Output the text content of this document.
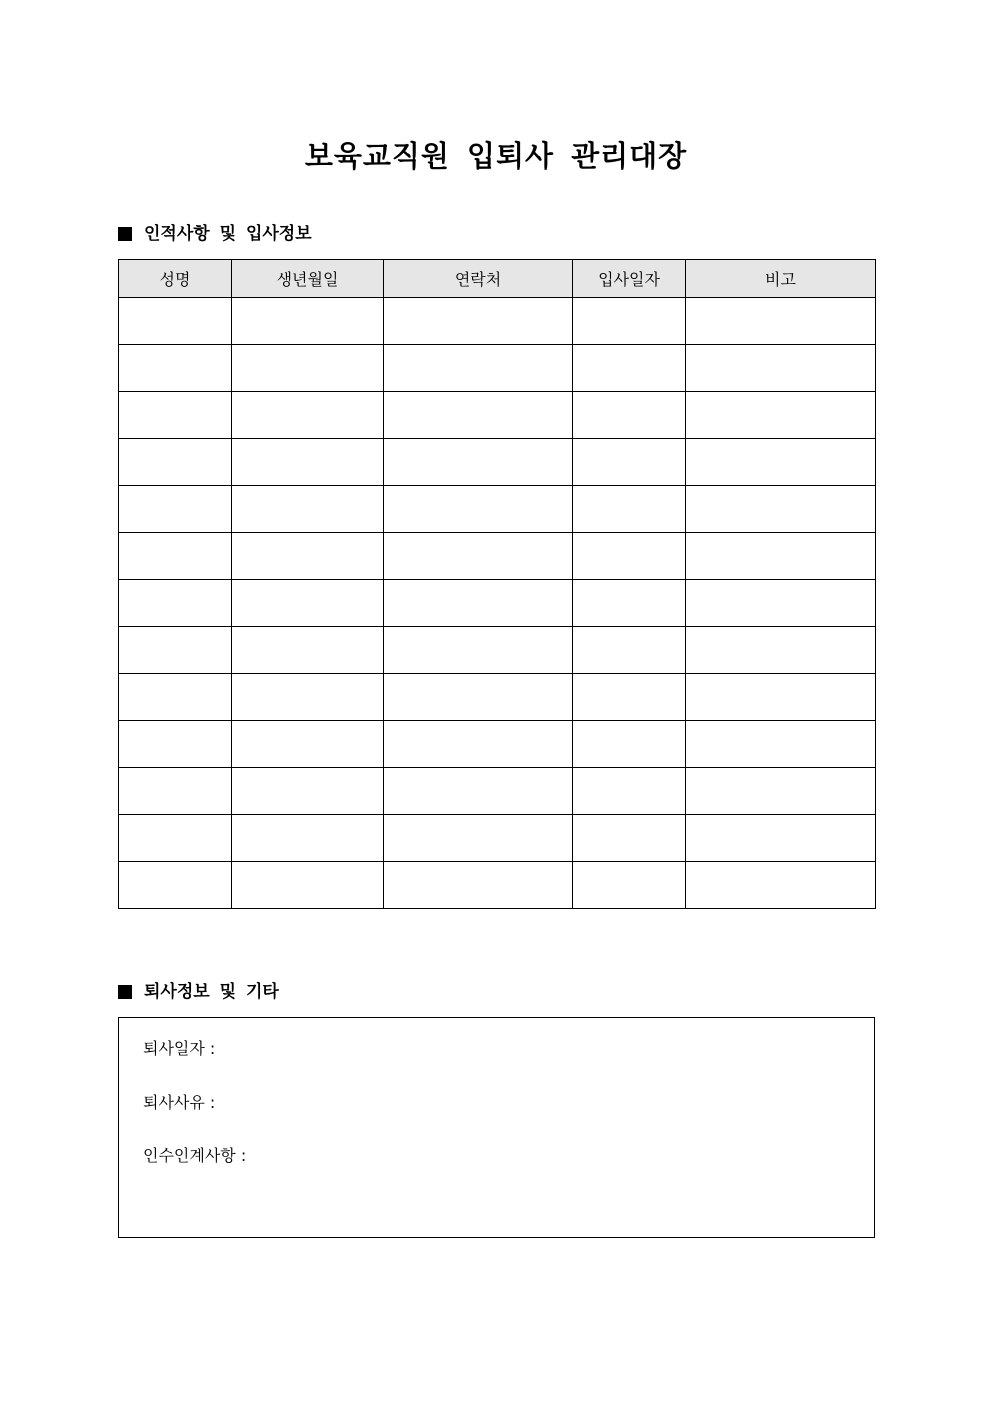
보육교직원 입퇴사 관리대장
인적사항 및 입사정보
성명	생년월일	연락처	입사일자	비고

퇴사정보 및 기타
퇴사일자 :
퇴사사유 :
인수인계사항 :
